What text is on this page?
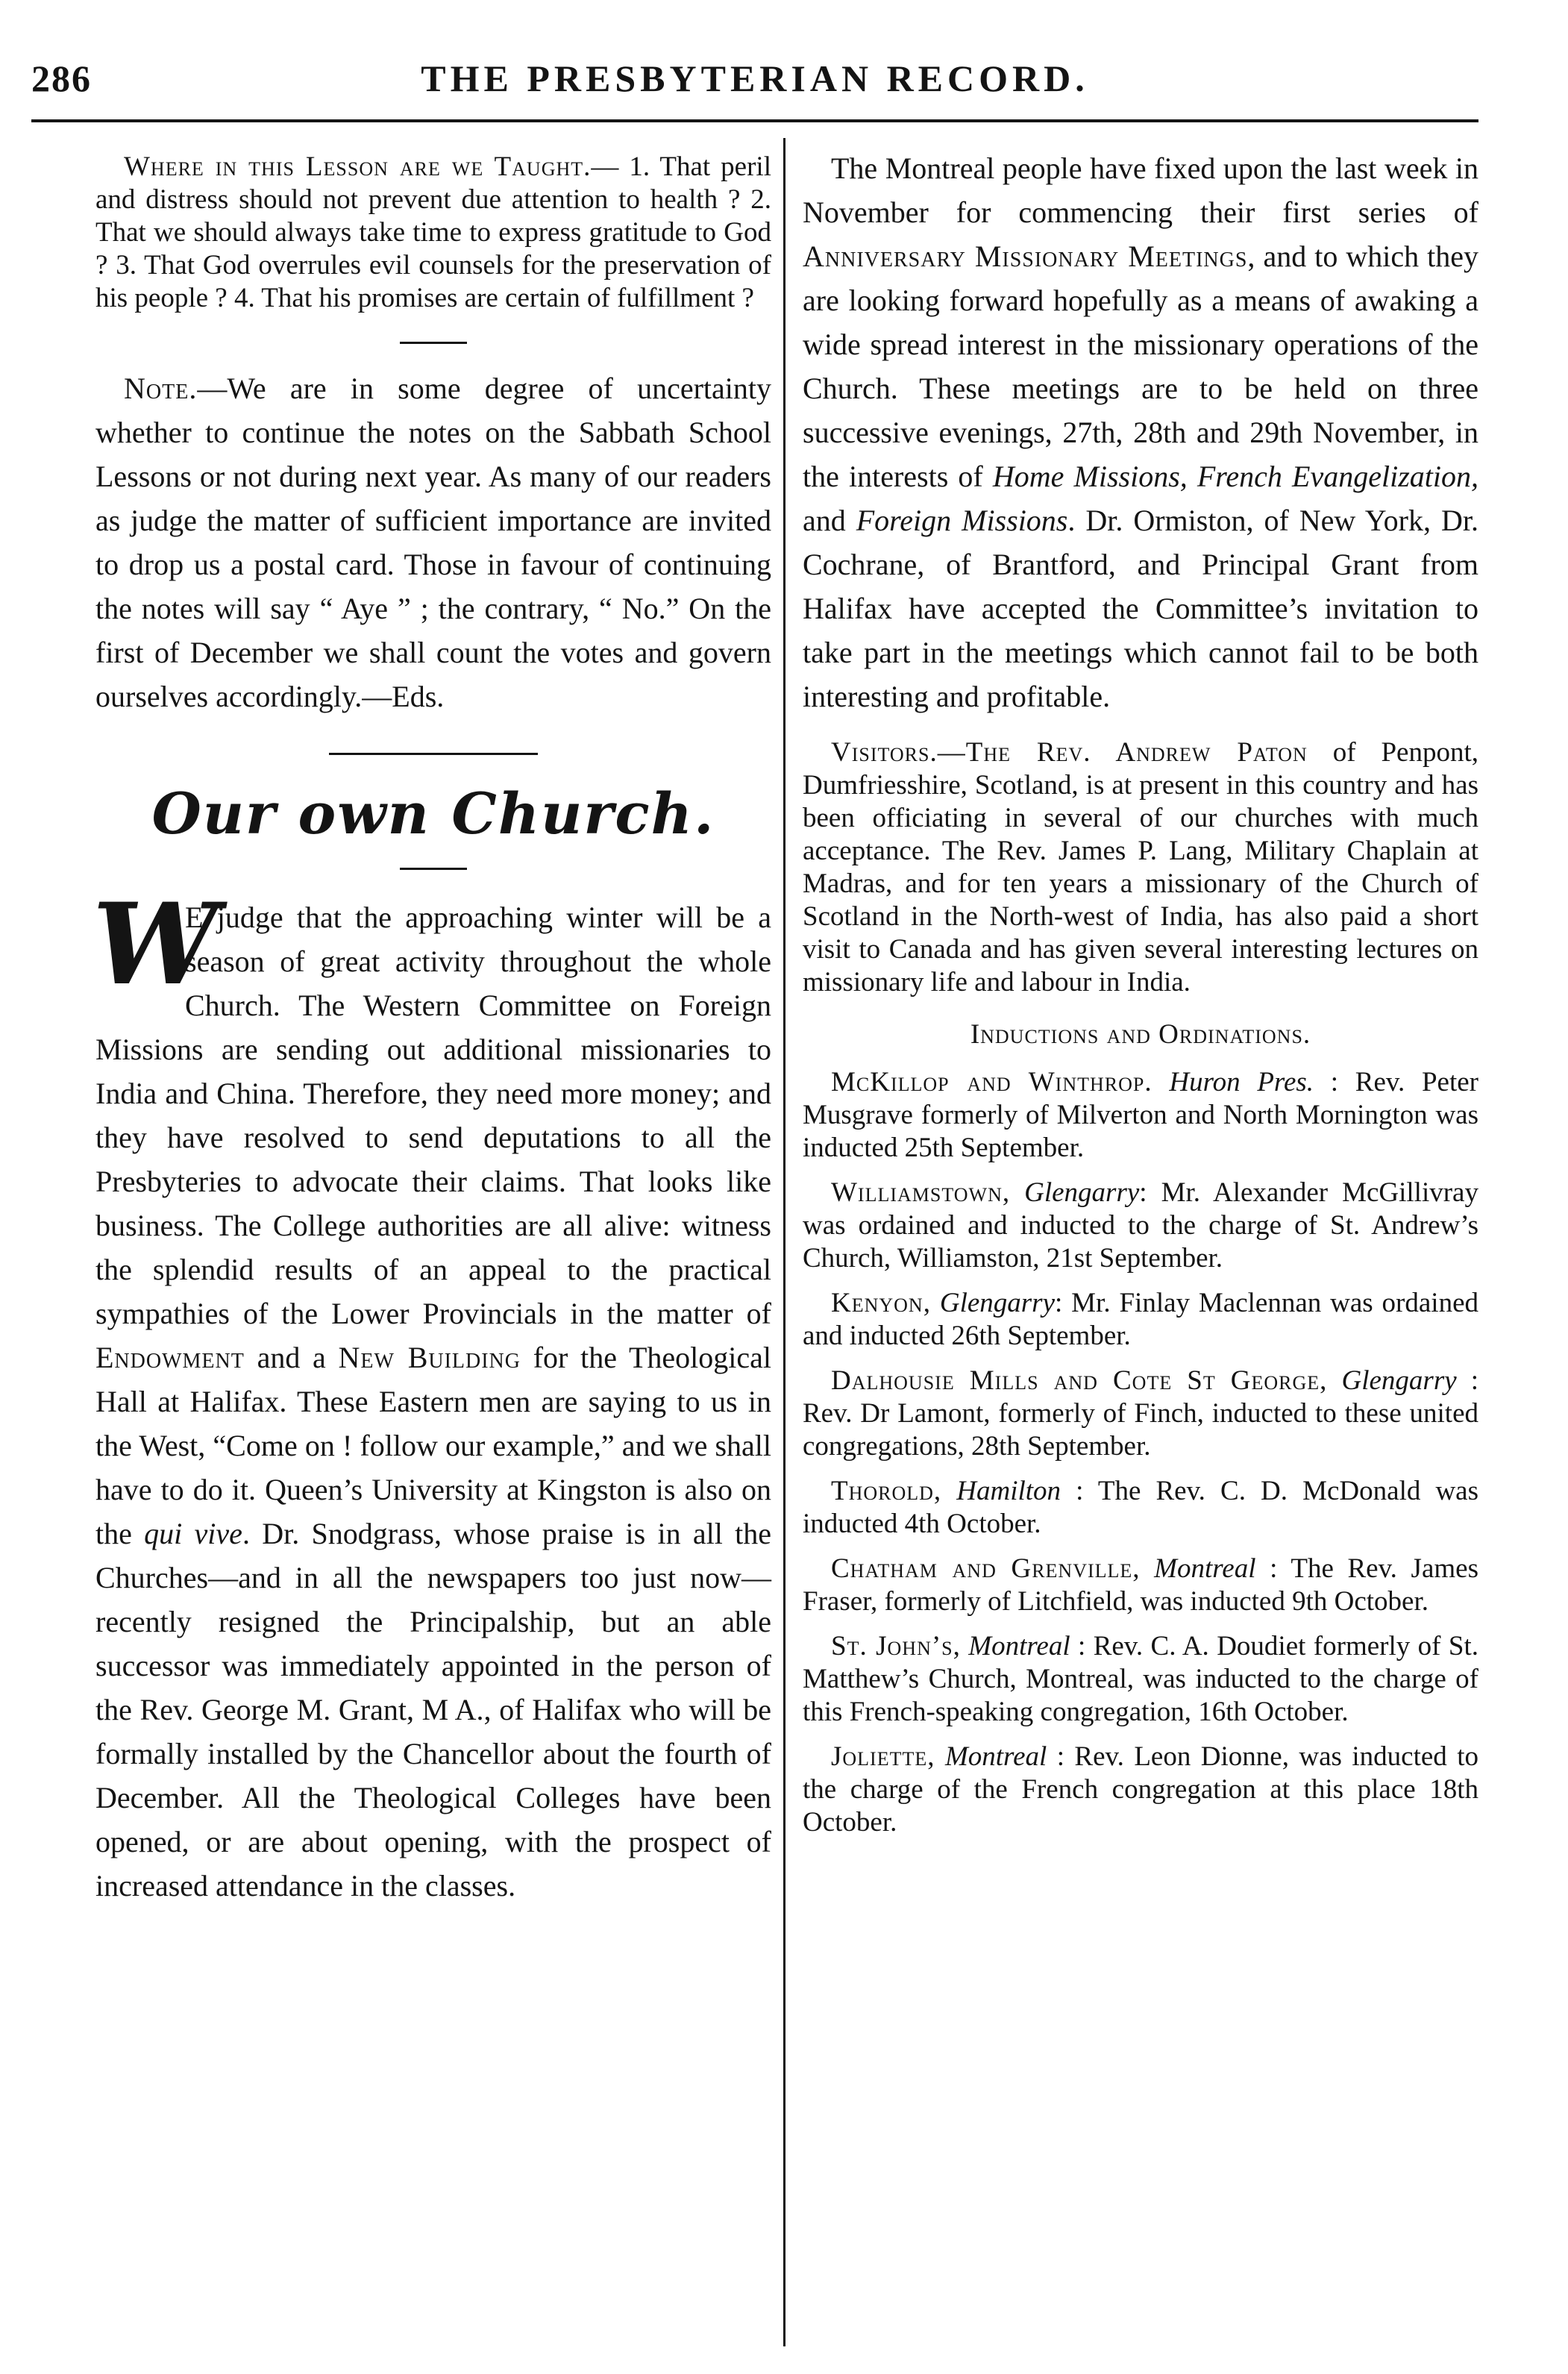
286	THE PRESBYTERIAN RECORD.

Where in this Lesson are we Taught.— 1. That peril and distress should not prevent due attention to health ? 2. That we should always take time to express gratitude to God ? 3. That God overrules evil counsels for the preservation of his people ? 4. That his promises are certain of fulfillment ?

Note.—We are in some degree of uncertainty whether to continue the notes on the Sabbath School Lessons or not during next year. As many of our readers as judge the matter of sufficient importance are invited to drop us a postal card. Those in favour of continuing the notes will say “ Aye ” ; the contrary, “ No.” On the first of December we shall count the votes and govern ourselves accordingly.—Eds.

Our own Church.

W
E judge that the approaching winter will be a season of great activity throughout the whole Church. The Western Committee on Foreign Missions are sending out additional missionaries to India and China. Therefore, they need more money; and they have resolved to send deputations to all the Presbyteries to advocate their claims. That looks like business. The College authorities are all alive: witness the splendid results of an appeal to the practical sympathies of the Lower Provincials in the matter of Endowment and a New Building for the Theological Hall at Halifax. These Eastern men are saying to us in the West, “Come on ! follow our example,” and we shall have to do it. Queen’s University at Kingston is also on the qui vive. Dr. Snodgrass, whose praise is in all the Churches—and in all the newspapers too just now—recently resigned the Principalship, but an able successor was immediately appointed in the person of the Rev. George M. Grant, M A., of Halifax who will be formally installed by the Chancellor about the fourth of December. All the Theological Colleges have been opened, or are about opening, with the prospect of increased attendance in the classes.

The Montreal people have fixed upon the last week in November for commencing their first series of Anniversary Missionary Meetings, and to which they are looking forward hopefully as a means of awaking a wide spread interest in the missionary operations of the Church. These meetings are to be held on three successive evenings, 27th, 28th and 29th November, in the interests of Home Missions, French Evangelization, and Foreign Missions. Dr. Ormiston, of New York, Dr. Cochrane, of Brantford, and Principal Grant from Halifax have accepted the Committee’s invitation to take part in the meetings which cannot fail to be both interesting and profitable.

Visitors.—The Rev. Andrew Paton of Penpont, Dumfriesshire, Scotland, is at present in this country and has been officiating in several of our churches with much acceptance. The Rev. James P. Lang, Military Chaplain at Madras, and for ten years a missionary of the Church of Scotland in the North-west of India, has also paid a short visit to Canada and has given several interesting lectures on missionary life and labour in India.

Inductions and Ordinations.

McKillop and Winthrop. Huron Pres. : Rev. Peter Musgrave formerly of Milverton and North Mornington was inducted 25th September.

Williamstown, Glengarry: Mr. Alexander McGillivray was ordained and inducted to the charge of St. Andrew’s Church, Williamston, 21st September.

Kenyon, Glengarry: Mr. Finlay Maclennan was ordained and inducted 26th September.

Dalhousie Mills and Cote St George, Glengarry : Rev. Dr Lamont, formerly of Finch, inducted to these united congregations, 28th September.

Thorold, Hamilton : The Rev. C. D. McDonald was inducted 4th October.

Chatham and Grenville, Montreal : The Rev. James Fraser, formerly of Litchfield, was inducted 9th October.

St. John’s, Montreal : Rev. C. A. Doudiet formerly of St. Matthew’s Church, Montreal, was inducted to the charge of this French-speaking congregation, 16th October.

Joliette, Montreal : Rev. Leon Dionne, was inducted to the charge of the French congregation at this place 18th October.
